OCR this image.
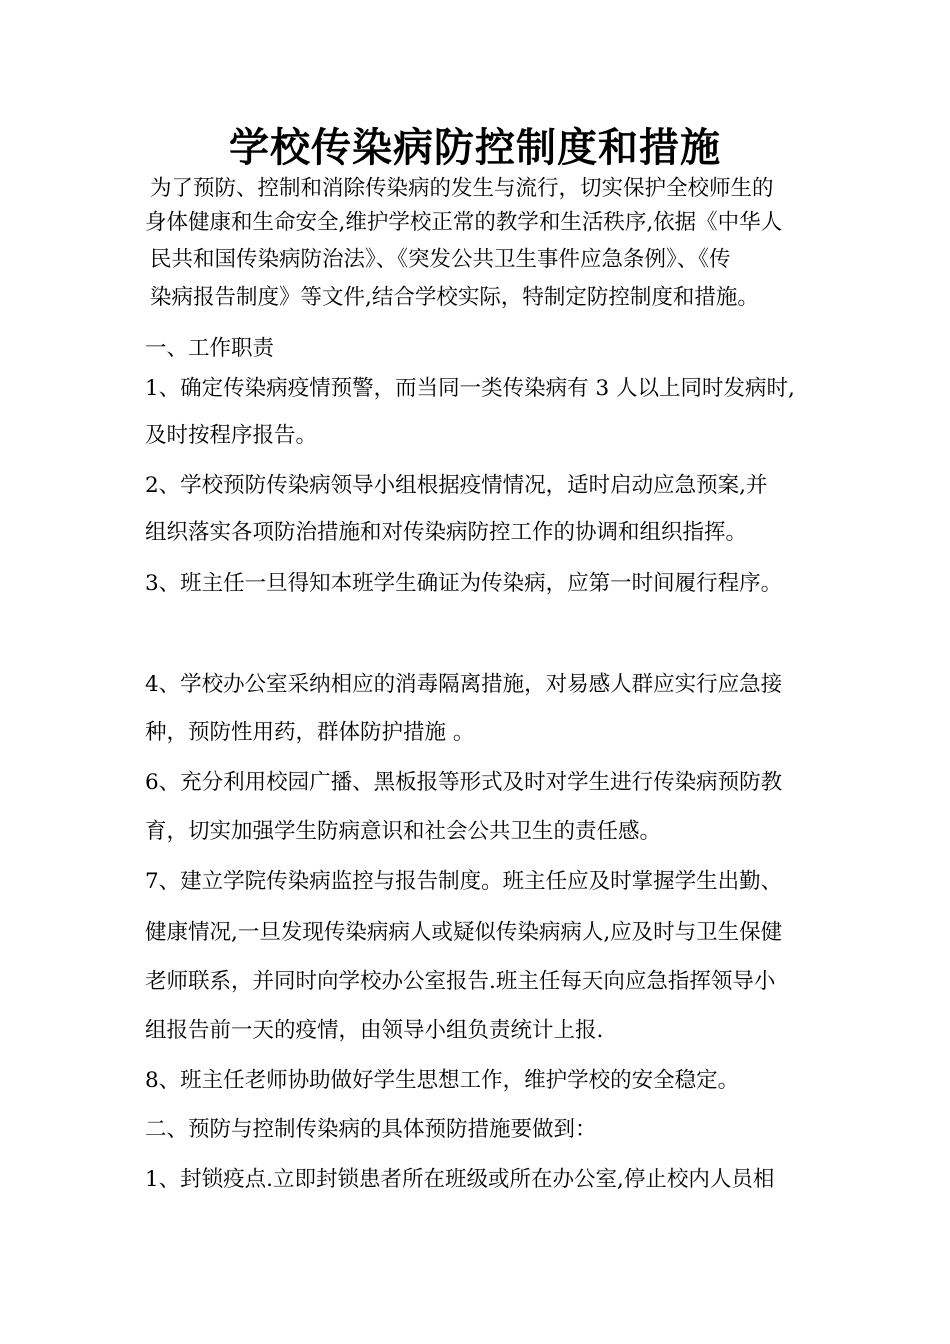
学校传染病防控制度和措施
为了预防、控制和消除传染病的发生与流行，切实保护全校师生的
身体健康和生命安全,维护学校正常的教学和生活秩序,依据《中华人
民共和国传染病防治法》、《突发公共卫生事件应急条例》、《传
染病报告制度》等文件,结合学校实际，特制定防控制度和措施。
一、工作职责
1、确定传染病疫情预警，而当同一类传染病有 3 人以上同时发病时,
及时按程序报告。
2、学校预防传染病领导小组根据疫情情况，适时启动应急预案,并
组织落实各项防治措施和对传染病防控工作的协调和组织指挥。
3、班主任一旦得知本班学生确证为传染病，应第一时间履行程序。
4、学校办公室采纳相应的消毒隔离措施，对易感人群应实行应急接
种，预防性用药，群体防护措施 。
6、充分利用校园广播、黑板报等形式及时对学生进行传染病预防教
育，切实加强学生防病意识和社会公共卫生的责任感。
7、建立学院传染病监控与报告制度。班主任应及时掌握学生出勤、
健康情况,一旦发现传染病病人或疑似传染病病人,应及时与卫生保健
老师联系，并同时向学校办公室报告.班主任每天向应急指挥领导小
组报告前一天的疫情，由领导小组负责统计上报.
8、班主任老师协助做好学生思想工作，维护学校的安全稳定。
二、预防与控制传染病的具体预防措施要做到：
1、封锁疫点.立即封锁患者所在班级或所在办公室,停止校内人员相
